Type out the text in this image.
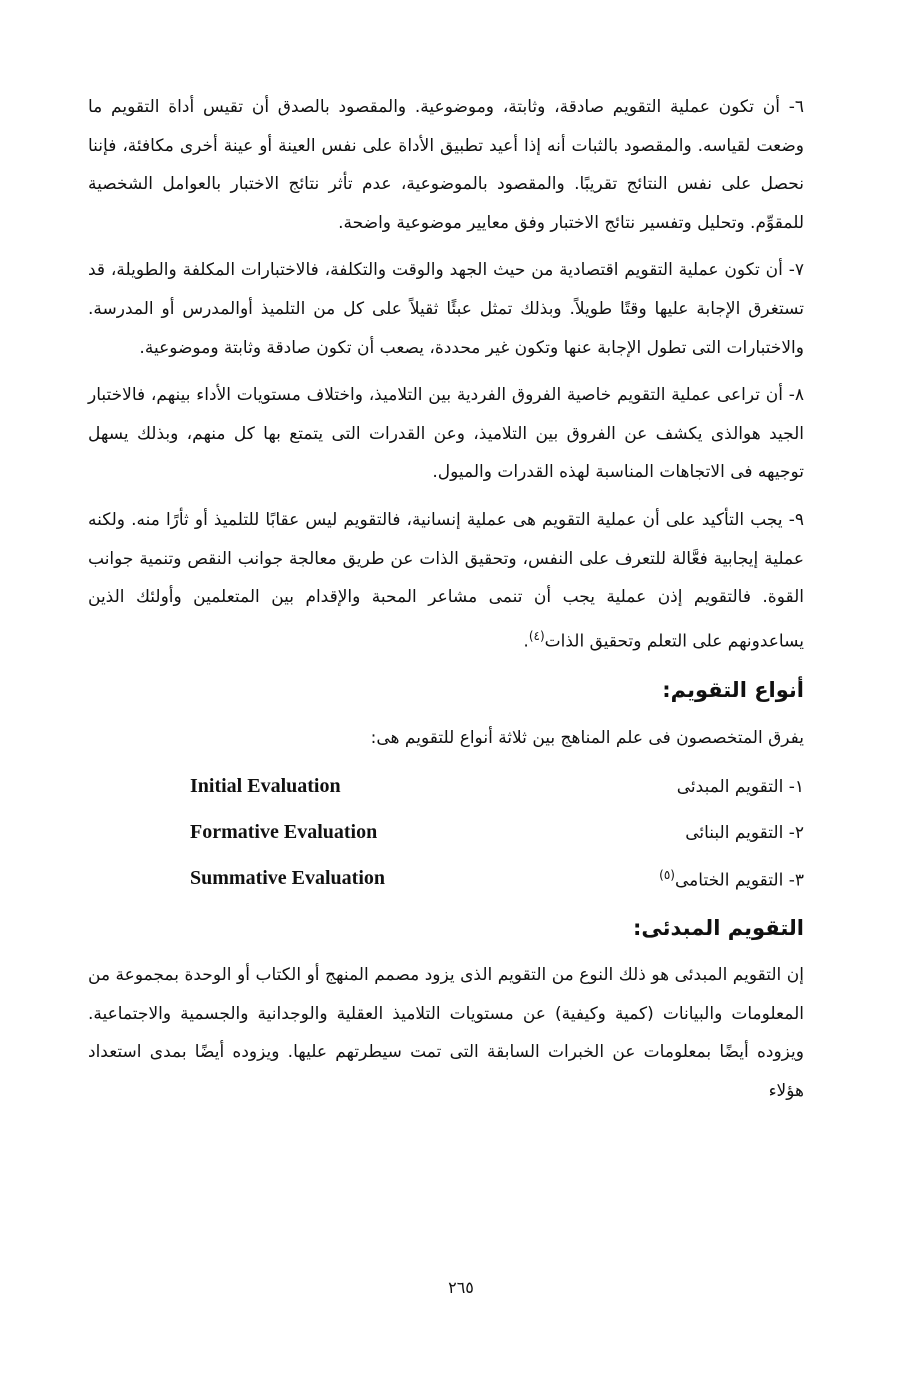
٦- أن تكون عملية التقويم صادقة، وثابتة، وموضوعية. والمقصود بالصدق أن تقيس أداة التقويم ما وضعت لقياسه. والمقصود بالثبات أنه إذا أعيد تطبيق الأداة على نفس العينة أو عينة أخرى مكافئة، فإننا نحصل على نفس النتائج تقريبًا. والمقصود بالموضوعية، عدم تأثر نتائج الاختبار بالعوامل الشخصية للمقوِّم. وتحليل وتفسير نتائج الاختبار وفق معايير موضوعية واضحة.

٧- أن تكون عملية التقويم اقتصادية من حيث الجهد والوقت والتكلفة، فالاختبارات المكلفة والطويلة، قد تستغرق الإجابة عليها وقتًا طويلاً. وبذلك تمثل عبئًا ثقيلاً على كل من التلميذ أوالمدرس أو المدرسة. والاختبارات التى تطول الإجابة عنها وتكون غير محددة، يصعب أن تكون صادقة وثابتة وموضوعية.

٨- أن تراعى عملية التقويم خاصية الفروق الفردية بين التلاميذ، واختلاف مستويات الأداء بينهم، فالاختبار الجيد هوالذى يكشف عن الفروق بين التلاميذ، وعن القدرات التى يتمتع بها كل منهم، وبذلك يسهل توجيهه فى الاتجاهات المناسبة لهذه القدرات والميول.

٩- يجب التأكيد على أن عملية التقويم هى عملية إنسانية، فالتقويم ليس عقابًا للتلميذ أو ثأرًا منه. ولكنه عملية إيجابية فعَّالة للتعرف على النفس، وتحقيق الذات عن طريق معالجة جوانب النقص وتنمية جوانب القوة. فالتقويم إذن عملية يجب أن تنمى مشاعر المحبة والإقدام بين المتعلمين وأولئك الذين يساعدونهم على التعلم وتحقيق الذات$^{(٤)}$.

أنواع التقويم:
يفرق المتخصصون فى علم المناهج بين ثلاثة أنواع للتقويم هى:
١- التقويم المبدئى
Initial Evaluation
٢- التقويم البنائى
Formative Evaluation
٣- التقويم الختامى$^{(٥)}$
Summative Evaluation
التقويم المبدئى:

إن التقويم المبدئى هو ذلك النوع من التقويم الذى يزود مصمم المنهج أو الكتاب أو الوحدة بمجموعة من المعلومات والبيانات (كمية وكيفية) عن مستويات التلاميذ العقلية والوجدانية والجسمية والاجتماعية. ويزوده أيضًا بمعلومات عن الخبرات السابقة التى تمت سيطرتهم عليها. ويزوده أيضًا بمدى استعداد هؤلاء

٢٦٥
